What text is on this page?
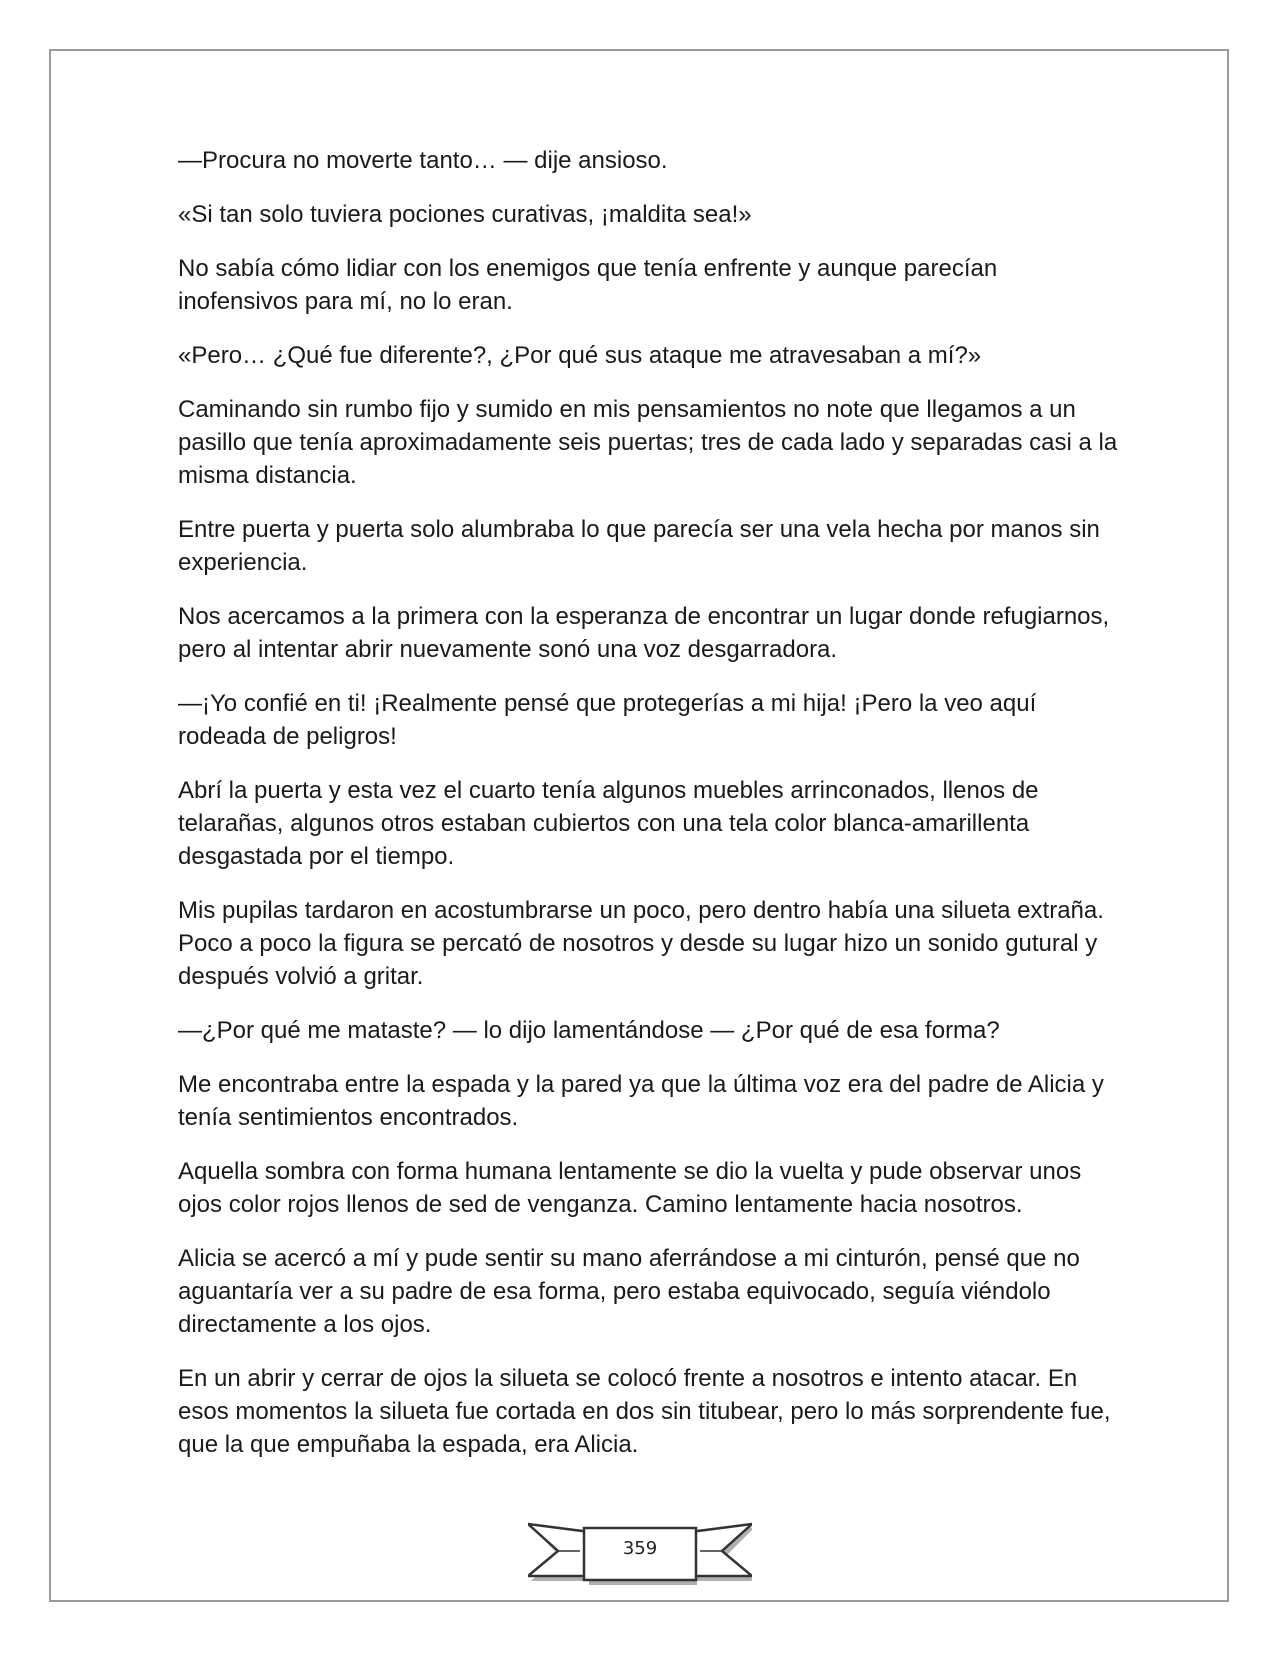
—Procura no moverte tanto… — dije ansioso.

«Si tan solo tuviera pociones curativas, ¡maldita sea!»

No sabía cómo lidiar con los enemigos que tenía enfrente y aunque parecían inofensivos para mí, no lo eran.

«Pero… ¿Qué fue diferente?, ¿Por qué sus ataque me atravesaban a mí?»

Caminando sin rumbo fijo y sumido en mis pensamientos no note que llegamos a un pasillo que tenía aproximadamente seis puertas; tres de cada lado y separadas casi a la misma distancia.

Entre puerta y puerta solo alumbraba lo que parecía ser una vela hecha por manos sin experiencia.

Nos acercamos a la primera con la esperanza de encontrar un lugar donde refugiarnos, pero al intentar abrir nuevamente sonó una voz desgarradora.

—¡Yo confié en ti! ¡Realmente pensé que protegerías a mi hija! ¡Pero la veo aquí rodeada de peligros!

Abrí la puerta y esta vez el cuarto tenía algunos muebles arrinconados, llenos de telarañas, algunos otros estaban cubiertos con una tela color blanca-amarillenta desgastada por el tiempo.

Mis pupilas tardaron en acostumbrarse un poco, pero dentro había una silueta extraña. Poco a poco la figura se percató de nosotros y desde su lugar hizo un sonido gutural y después volvió a gritar.

—¿Por qué me mataste? — lo dijo lamentándose — ¿Por qué de esa forma?

Me encontraba entre la espada y la pared ya que la última voz era del padre de Alicia y tenía sentimientos encontrados.

Aquella sombra con forma humana lentamente se dio la vuelta y pude observar unos ojos color rojos llenos de sed de venganza. Camino lentamente hacia nosotros.

Alicia se acercó a mí y pude sentir su mano aferrándose a mi cinturón, pensé que no aguantaría ver a su padre de esa forma, pero estaba equivocado, seguía viéndolo directamente a los ojos.

En un abrir y cerrar de ojos la silueta se colocó frente a nosotros e intento atacar. En esos momentos la silueta fue cortada en dos sin titubear, pero lo más sorprendente fue, que la que empuñaba la espada, era Alicia.

359
